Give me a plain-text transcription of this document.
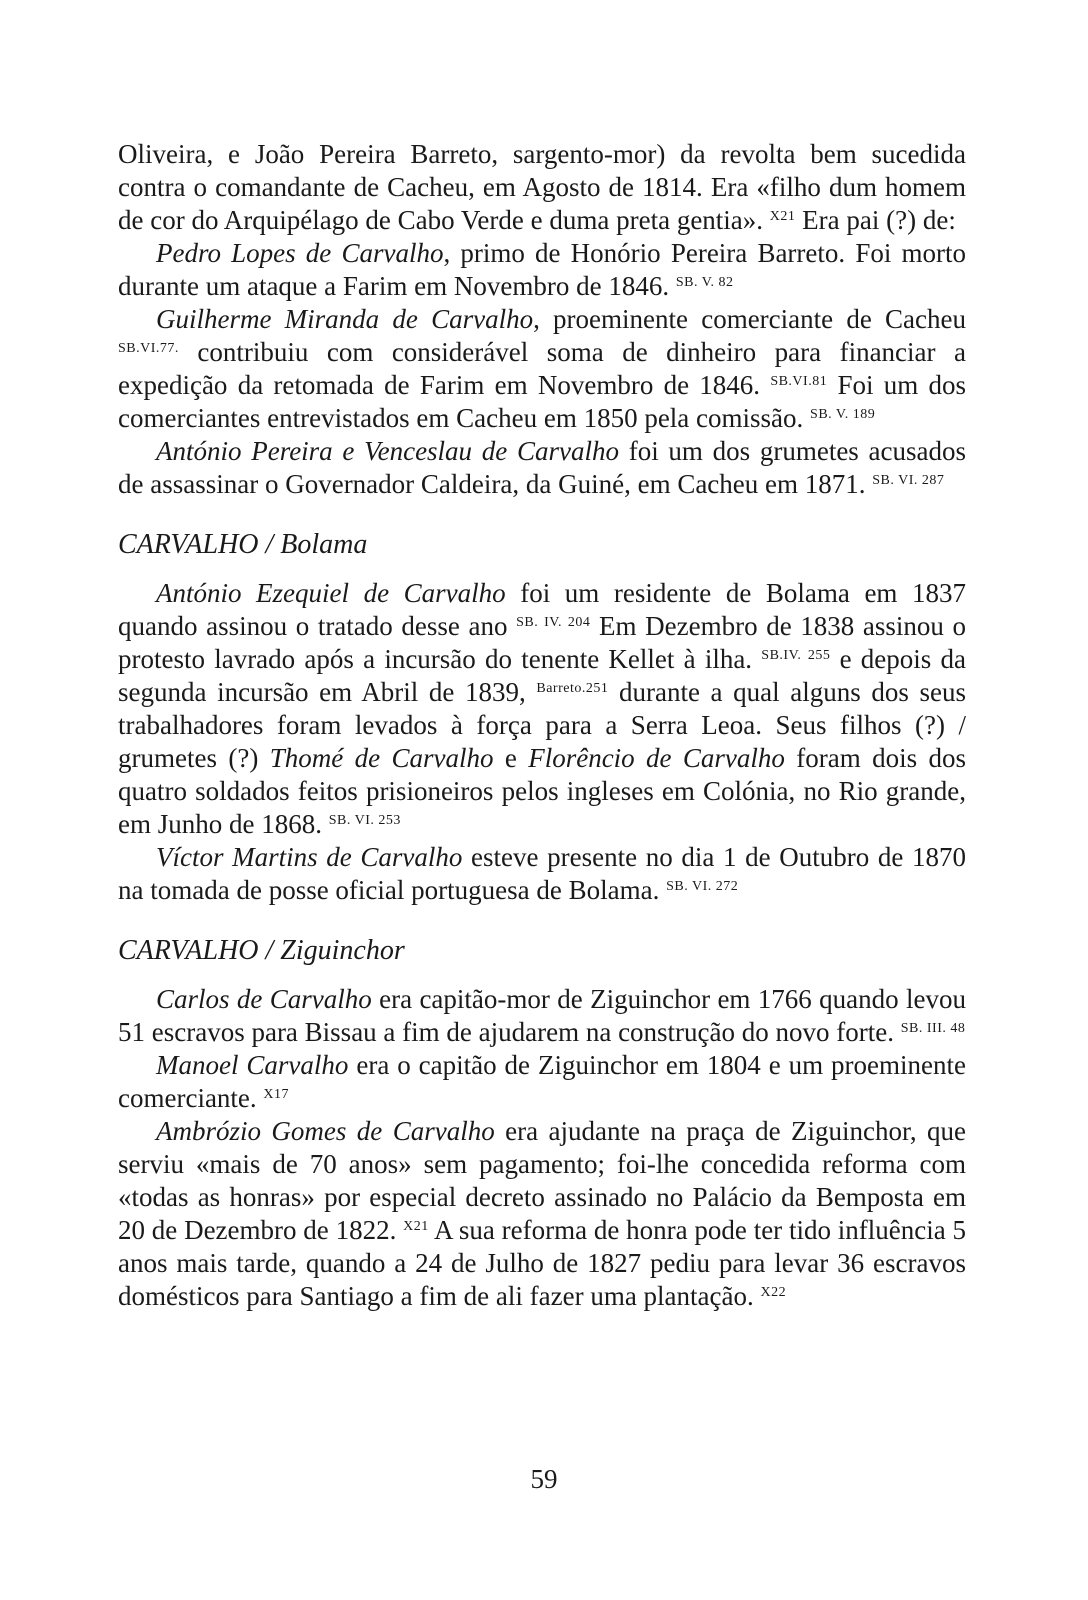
Oliveira, e João Pereira Barreto, sargento-mor) da revolta bem sucedida contra o comandante de Cacheu, em Agosto de 1814. Era «filho dum homem de cor do Arquipélago de Cabo Verde e duma preta gentia». $^{X21}$ Era pai (?) de:

Pedro Lopes de Carvalho, primo de Honório Pereira Barreto. Foi morto durante um ataque a Farim em Novembro de 1846. $^{SB. V. 82}$

Guilherme Miranda de Carvalho, proeminente comerciante de Cacheu $^{SB.VI.77.}$ contribuiu com considerável soma de dinheiro para financiar a expedição da retomada de Farim em Novembro de 1846. $^{SB.VI.81}$ Foi um dos comerciantes entrevistados em Cacheu em 1850 pela comissão. $^{SB. V. 189}$

António Pereira e Venceslau de Carvalho foi um dos grumetes acusados de assassinar o Governador Caldeira, da Guiné, em Cacheu em 1871. $^{SB. VI. 287}$

CARVALHO / Bolama

António Ezequiel de Carvalho foi um residente de Bolama em 1837 quando assinou o tratado desse ano $^{SB. IV. 204}$ Em Dezembro de 1838 assinou o protesto lavrado após a incursão do tenente Kellet à ilha. $^{SB.IV. 255}$ e depois da segunda incursão em Abril de 1839, $^{Barreto.251}$ durante a qual alguns dos seus trabalhadores foram levados à força para a Serra Leoa. Seus filhos (?) / grumetes (?) Thomé de Carvalho e Florêncio de Carvalho foram dois dos quatro soldados feitos prisioneiros pelos ingleses em Colónia, no Rio grande, em Junho de 1868. $^{SB. VI. 253}$

Víctor Martins de Carvalho esteve presente no dia 1 de Outubro de 1870 na tomada de posse oficial portuguesa de Bolama. $^{SB. VI. 272}$

CARVALHO / Ziguinchor

Carlos de Carvalho era capitão-mor de Ziguinchor em 1766 quando levou 51 escravos para Bissau a fim de ajudarem na construção do novo forte. $^{SB. III. 48}$

Manoel Carvalho era o capitão de Ziguinchor em 1804 e um proeminente comerciante. $^{X17}$

Ambrózio Gomes de Carvalho era ajudante na praça de Ziguinchor, que serviu «mais de 70 anos» sem pagamento; foi-lhe concedida reforma com «todas as honras» por especial decreto assinado no Palácio da Bemposta em 20 de Dezembro de 1822. $^{X21}$ A sua reforma de honra pode ter tido influência 5 anos mais tarde, quando a 24 de Julho de 1827 pediu para levar 36 escravos domésticos para Santiago a fim de ali fazer uma plantação. $^{X22}$

59
